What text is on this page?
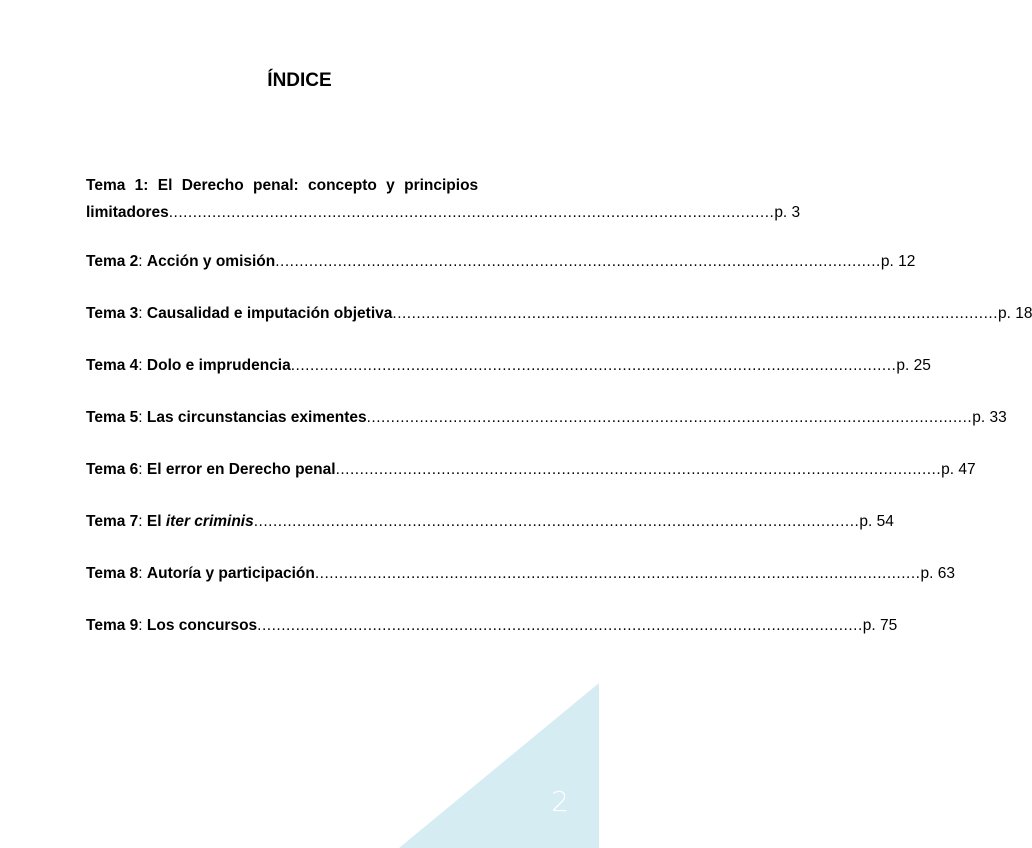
ÍNDICE
Tema 1: El Derecho penal: concepto y principios
limitadores .............................................................................................................................. p. 3
Tema 2 : Acción y omisión .............................................................................................................................. p. 12
Tema 3 : Causalidad e imputación objetiva .............................................................................................................................. p. 18
Tema 4 : Dolo e imprudencia .............................................................................................................................. p. 25
Tema 5 : Las circunstancias eximentes .............................................................................................................................. p. 33
Tema 6 : El error en Derecho penal .............................................................................................................................. p. 47
Tema 7 : El iter criminis .............................................................................................................................. p. 54
Tema 8 : Autoría y participación .............................................................................................................................. p. 63
Tema 9 : Los concursos .............................................................................................................................. p. 75
2
